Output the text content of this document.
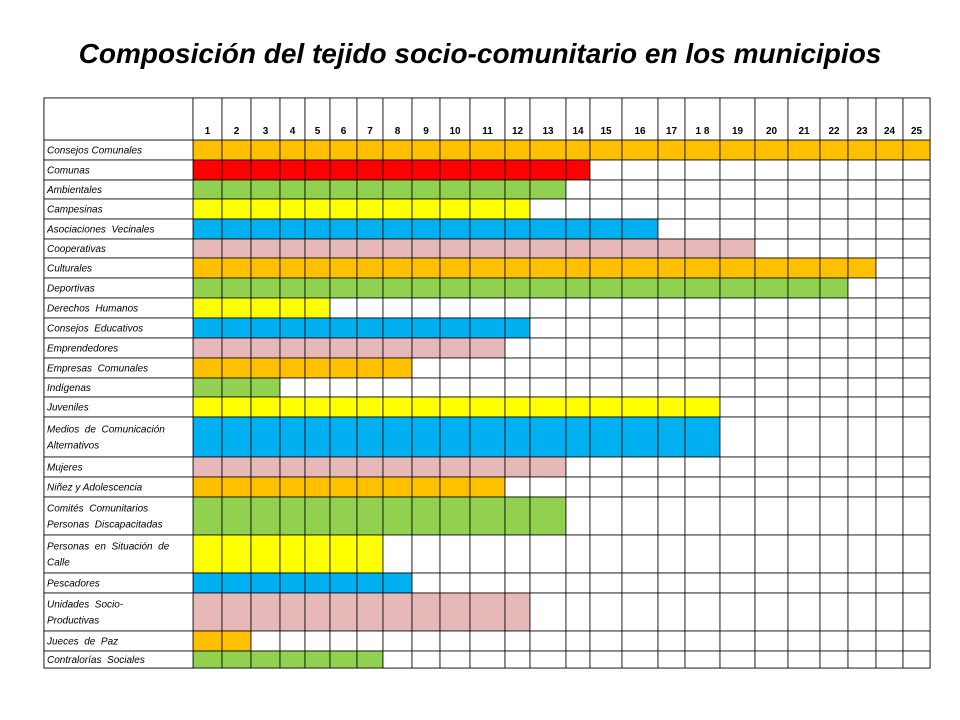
Composición del tejido socio-comunitario en los municipios
Consejos Comunales
Comunas
Ambientales
Campesinas
Asociaciones  Vecinales
Cooperativas
Culturales
Deportivas
Derechos  Humanos
Consejos  Educativos
Emprendedores
Empresas  Comunales
Indígenas
Juveniles
Medios  de  Comunicación
Alternativos
Mujeres
Niñez y Adolescencia
Comités  Comunitarios
Personas  Discapacitadas
Personas  en  Situación  de
Calle
Pescadores
Unidades  Socio-
Productivas
Jueces  de  Paz
Contralorías  Sociales
1 2 3 4 5 6 7 8 9 10 11 12 13 14 15 16 17 1 8 19 20 21 22 23 24 25
